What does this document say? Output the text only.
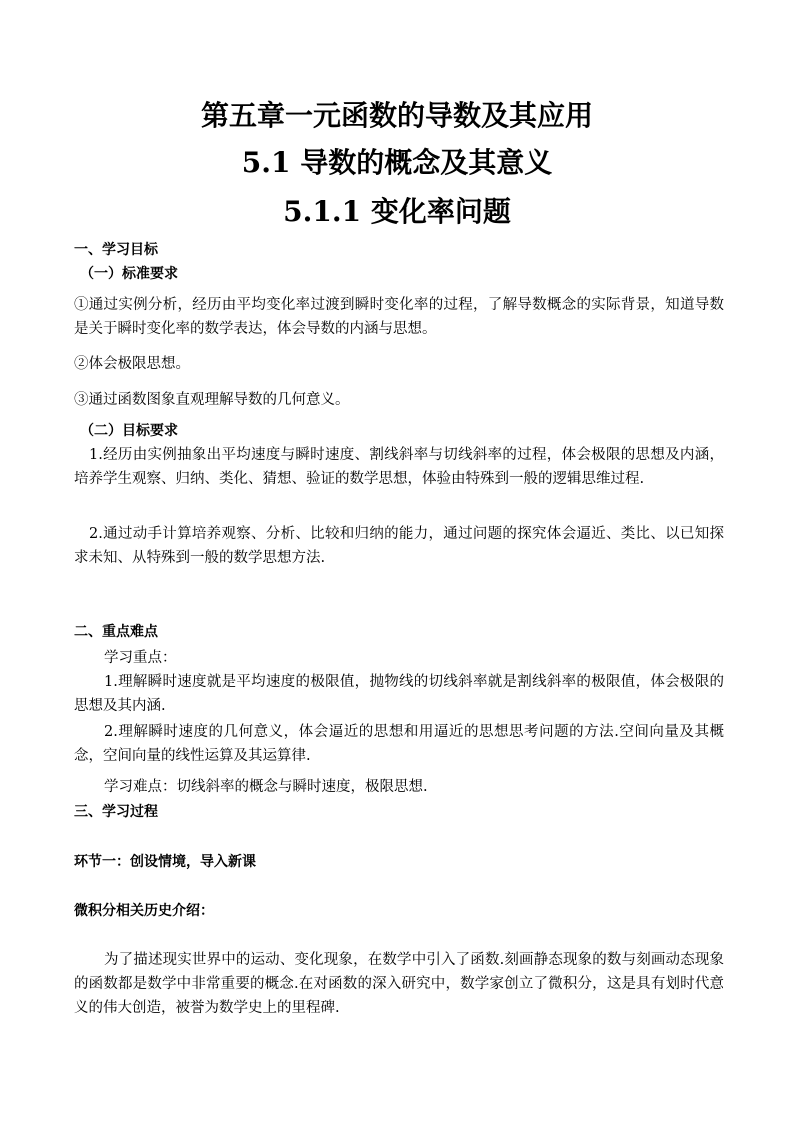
第五章一元函数的导数及其应用
5.1 导数的概念及其意义
5.1.1 变化率问题
一、学习目标
（一）标准要求
①通过实例分析，经历由平均变化率过渡到瞬时变化率的过程，了解导数概念的实际背景，知道导数是关于瞬时变化率的数学表达，体会导数的内涵与思想。
②体会极限思想。
③通过函数图象直观理解导数的几何意义。
（二）目标要求
1.经历由实例抽象出平均速度与瞬时速度、割线斜率与切线斜率的过程，体会极限的思想及内涵，培养学生观察、归纳、类化、猜想、验证的数学思想，体验由特殊到一般的逻辑思维过程.
2.通过动手计算培养观察、分析、比较和归纳的能力，通过问题的探究体会逼近、类比、以已知探求未知、从特殊到一般的数学思想方法.
二、重点难点
学习重点：
1.理解瞬时速度就是平均速度的极限值，抛物线的切线斜率就是割线斜率的极限值，体会极限的思想及其内涵.
2.理解瞬时速度的几何意义，体会逼近的思想和用逼近的思想思考问题的方法.空间向量及其概念，空间向量的线性运算及其运算律.
学习难点：切线斜率的概念与瞬时速度，极限思想.
三、学习过程
环节一：创设情境，导入新课
微积分相关历史介绍：
为了描述现实世界中的运动、变化现象，在数学中引入了函数.刻画静态现象的数与刻画动态现象的函数都是数学中非常重要的概念.在对函数的深入研究中，数学家创立了微积分，这是具有划时代意义的伟大创造，被誉为数学史上的里程碑.
